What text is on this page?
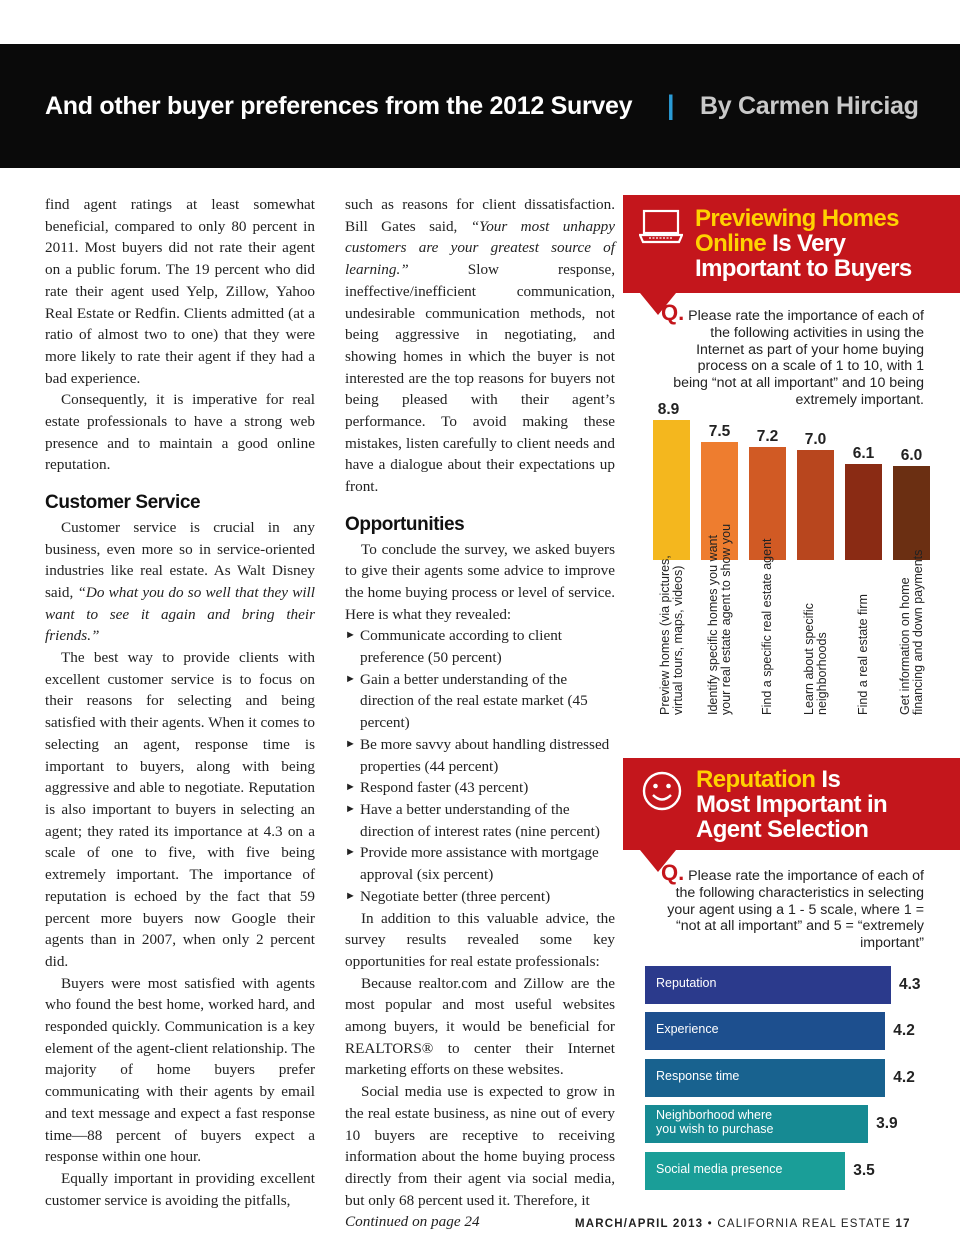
And other buyer preferences from the 2012 Survey | By Carmen Hirciag

find agent ratings at least somewhat beneficial, compared to only 80 percent in 2011. Most buyers did not rate their agent on a public forum. The 19 percent who did rate their agent used Yelp, Zillow, Yahoo Real Estate or Redfin. Clients admitted (at a ratio of almost two to one) that they were more likely to rate their agent if they had a bad experience.

Consequently, it is imperative for real estate professionals to have a strong web presence and to maintain a good online reputation.

Customer Service

Customer service is crucial in any business, even more so in service-oriented industries like real estate. As Walt Disney said, “Do what you do so well that they will want to see it again and bring their friends.”

The best way to provide clients with excellent customer service is to focus on their reasons for selecting and being satisfied with their agents. When it comes to selecting an agent, response time is important to buyers, along with being aggressive and able to negotiate. Reputation is also important to buyers in selecting an agent; they rated its importance at 4.3 on a scale of one to five, with five being extremely important. The importance of reputation is echoed by the fact that 59 percent more buyers now Google their agents than in 2007, when only 2 percent did.

Buyers were most satisfied with agents who found the best home, worked hard, and responded quickly. Communication is a key element of the agent-client relationship. The majority of home buyers prefer communicating with their agents by email and text message and expect a fast response time—88 percent of buyers expect a response within one hour.

Equally important in providing excellent customer service is avoiding the pitfalls,

such as reasons for client dissatisfaction. Bill Gates said, “Your most unhappy customers are your greatest source of learning.” Slow response, ineffective/inefficient communication, undesirable communication methods, not being aggressive in negotiating, and showing homes in which the buyer is not interested are the top reasons for buyers not being pleased with their agent’s performance. To avoid making these mistakes, listen carefully to client needs and have a dialogue about their expectations up front.

Opportunities

To conclude the survey, we asked buyers to give their agents some advice to improve the home buying process or level of service. Here is what they revealed:

► Communicate according to client preference (50 percent)
► Gain a better understanding of the direction of the real estate market (45 percent)
► Be more savvy about handling distressed properties (44 percent)
► Respond faster (43 percent)
► Have a better understanding of the direction of interest rates (nine percent)
► Provide more assistance with mortgage approval (six percent)
► Negotiate better (three percent)

In addition to this valuable advice, the survey results revealed some key opportunities for real estate professionals:

Because realtor.com and Zillow are the most popular and most useful websites among buyers, it would be beneficial for REALTORS® to center their Internet marketing efforts on these websites.

Social media use is expected to grow in the real estate business, as nine out of every 10 buyers are receptive to receiving information about the home buying process directly from their agent via social media, but only 68 percent used it. Therefore, it

Continued on page 24

Previewing Homes
Online Is Very
Important to Buyers
Q. Please rate the importance of each of the following activities in using the Internet as part of your home buying process on a scale of 1 to 10, with 1 being “not at all important” and 10 being extremely important.
8.9
Preview homes (via pictures,
virtual tours, maps, videos)
7.5
Identify specific homes you want
your real estate agent to show you
7.2
Find a specific real estate agent
7.0
Learn about specific
neighborhoods
6.1
Find a real estate firm
6.0
Get information on home
financing and down payments
Reputation Is
Most Important in
Agent Selection
Q. Please rate the importance of each of the following characteristics in selecting your agent using a 1 - 5 scale, where 1 = “not at all important” and 5 = “extremely important”
Reputation	4.3
Experience	4.2
Response time	4.2
Neighborhood where
you wish to purchase	3.9
Social media presence	3.5
MARCH/APRIL 2013 • CALIFORNIA REAL ESTATE 17
